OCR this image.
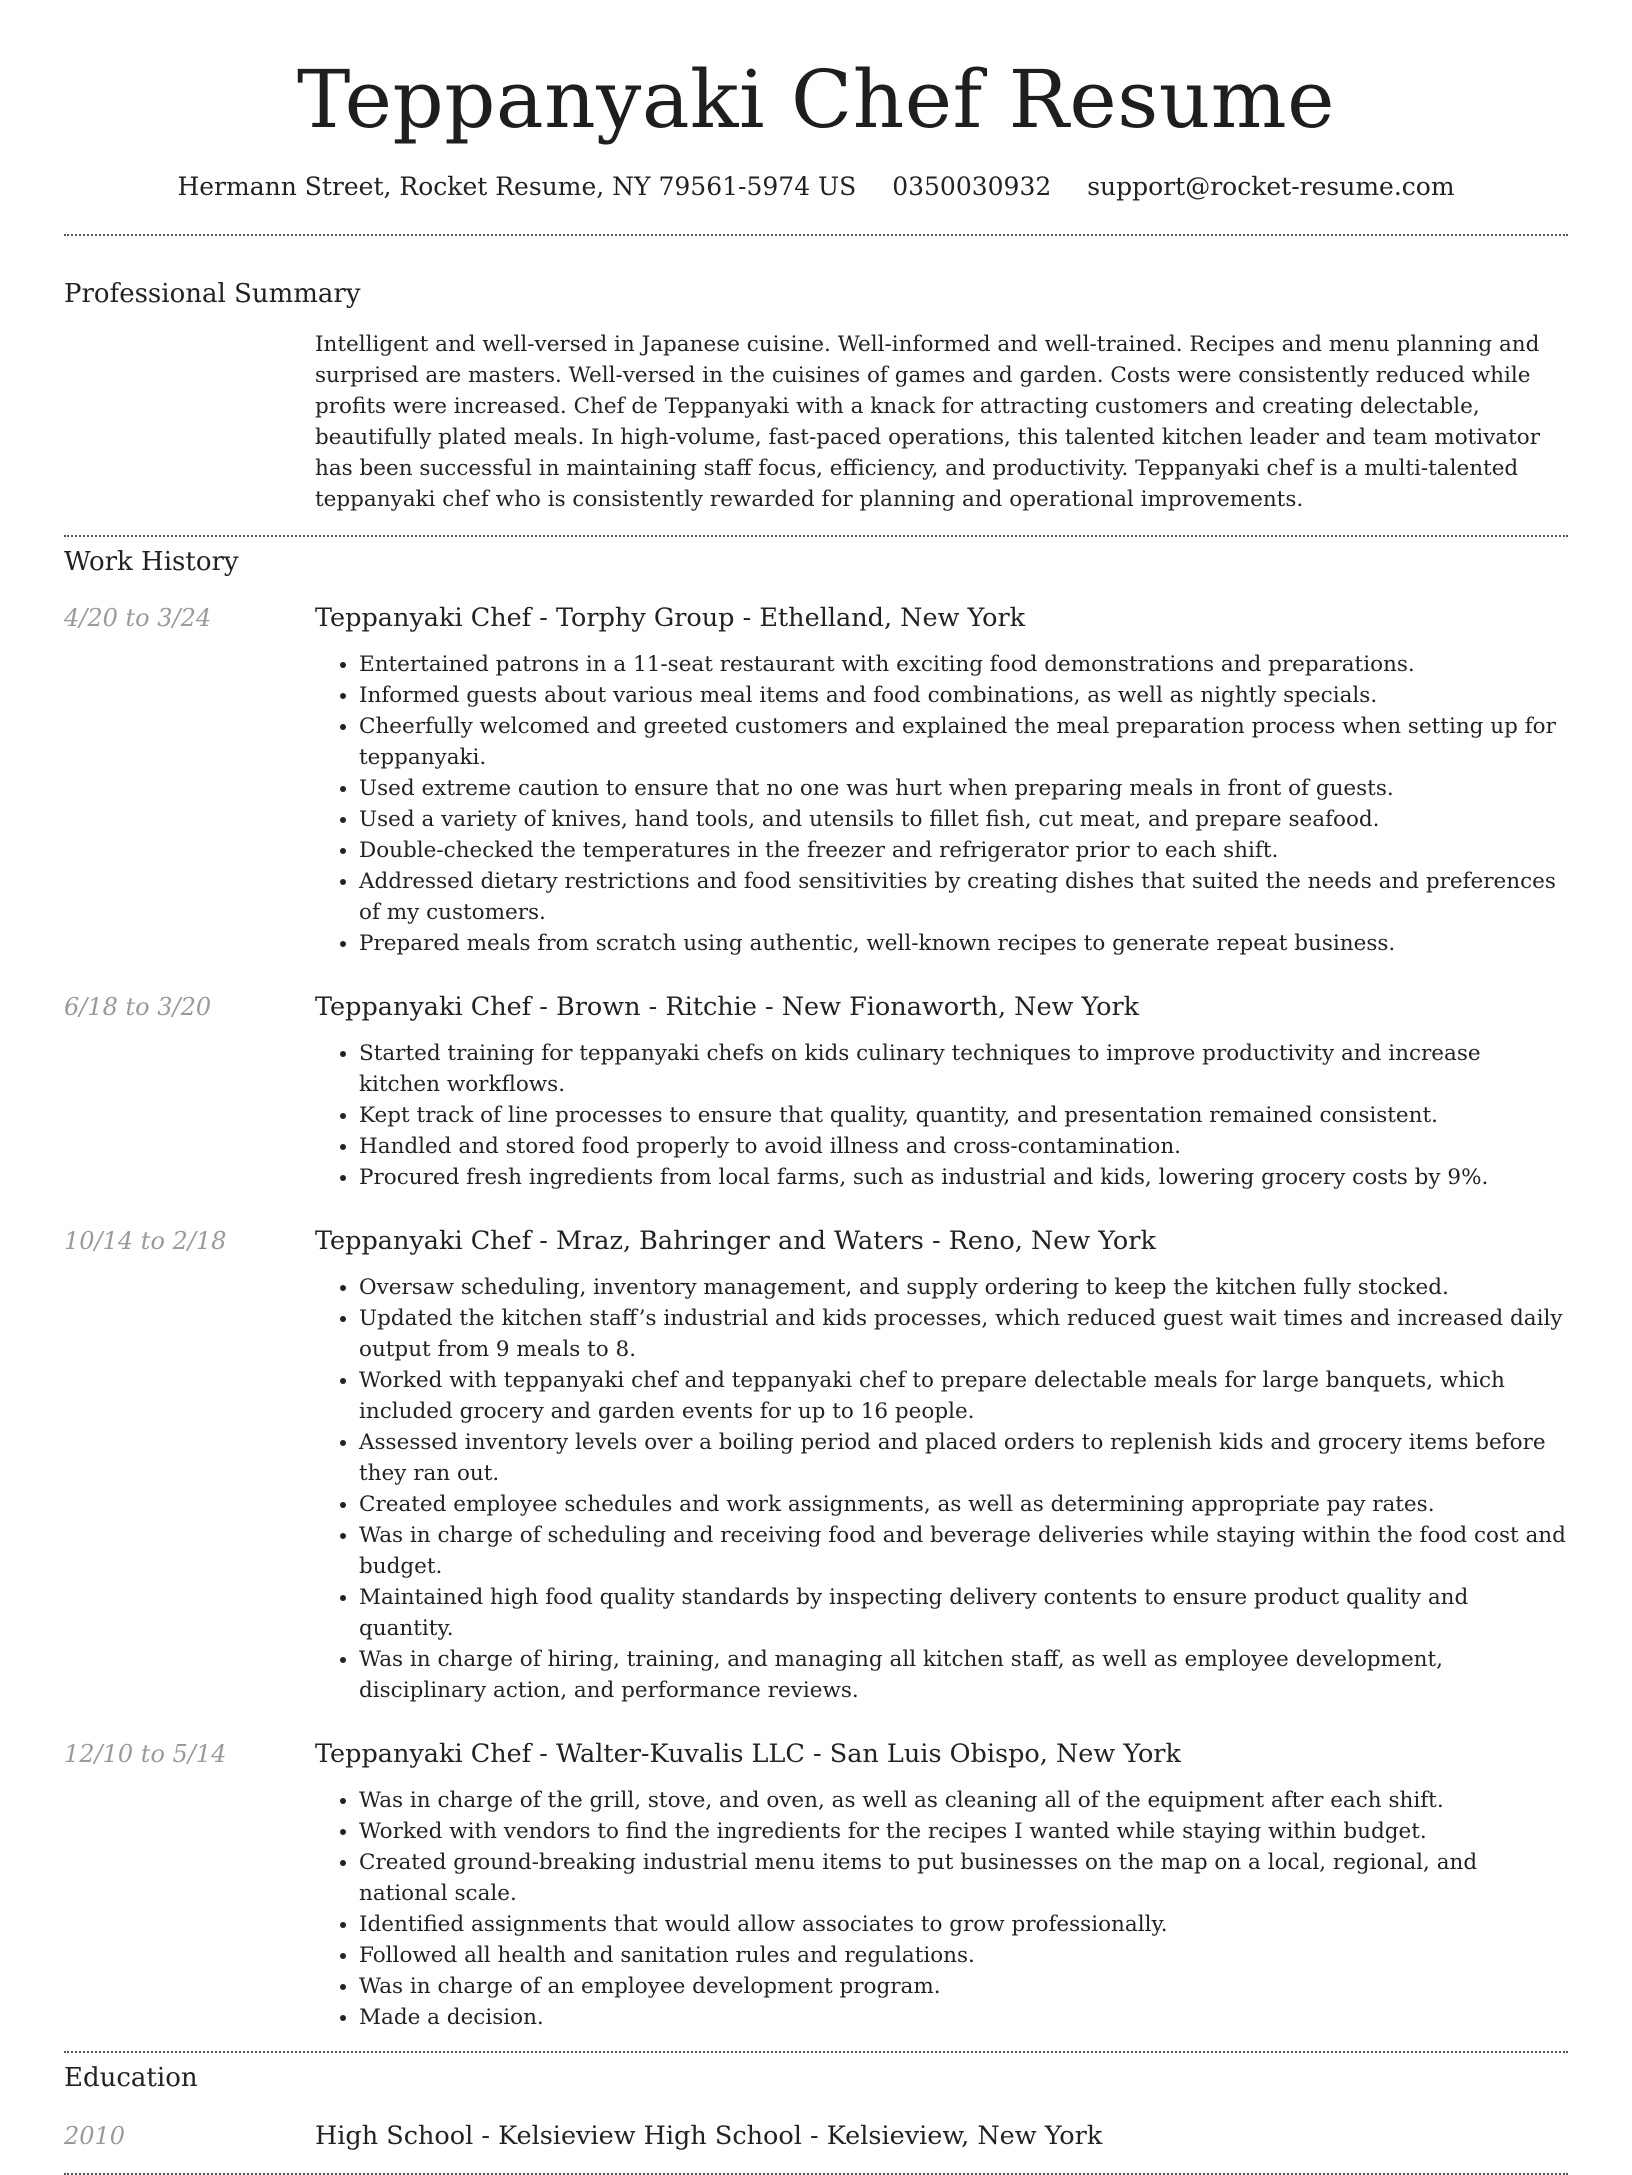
Teppanyaki Chef Resume
Hermann Street, Rocket Resume, NY 79561-5974 US 0350030932 support@rocket-resume.com
Professional Summary
Intelligent and well-versed in Japanese cuisine. Well-informed and well-trained. Recipes and menu planning and surprised are masters. Well-versed in the cuisines of games and garden. Costs were consistently reduced while profits were increased. Chef de Teppanyaki with a knack for attracting customers and creating delectable, beautifully plated meals. In high-volume, fast-paced operations, this talented kitchen leader and team motivator has been successful in maintaining staff focus, efficiency, and productivity. Teppanyaki chef is a multi-talented teppanyaki chef who is consistently rewarded for planning and operational improvements.
Work History
4/20 to 3/24	Teppanyaki Chef - Torphy Group - Ethelland, New York
• Entertained patrons in a 11-seat restaurant with exciting food demonstrations and preparations.
• Informed guests about various meal items and food combinations, as well as nightly specials.
• Cheerfully welcomed and greeted customers and explained the meal preparation process when setting up for teppanyaki.
• Used extreme caution to ensure that no one was hurt when preparing meals in front of guests.
• Used a variety of knives, hand tools, and utensils to fillet fish, cut meat, and prepare seafood.
• Double-checked the temperatures in the freezer and refrigerator prior to each shift.
• Addressed dietary restrictions and food sensitivities by creating dishes that suited the needs and preferences of my customers.
• Prepared meals from scratch using authentic, well-known recipes to generate repeat business.
6/18 to 3/20	Teppanyaki Chef - Brown - Ritchie - New Fionaworth, New York
• Started training for teppanyaki chefs on kids culinary techniques to improve productivity and increase kitchen workflows.
• Kept track of line processes to ensure that quality, quantity, and presentation remained consistent.
• Handled and stored food properly to avoid illness and cross-contamination.
• Procured fresh ingredients from local farms, such as industrial and kids, lowering grocery costs by 9%.
10/14 to 2/18	Teppanyaki Chef - Mraz, Bahringer and Waters - Reno, New York
• Oversaw scheduling, inventory management, and supply ordering to keep the kitchen fully stocked.
• Updated the kitchen staff’s industrial and kids processes, which reduced guest wait times and increased daily output from 9 meals to 8.
• Worked with teppanyaki chef and teppanyaki chef to prepare delectable meals for large banquets, which included grocery and garden events for up to 16 people.
• Assessed inventory levels over a boiling period and placed orders to replenish kids and grocery items before they ran out.
• Created employee schedules and work assignments, as well as determining appropriate pay rates.
• Was in charge of scheduling and receiving food and beverage deliveries while staying within the food cost and budget.
• Maintained high food quality standards by inspecting delivery contents to ensure product quality and quantity.
• Was in charge of hiring, training, and managing all kitchen staff, as well as employee development, disciplinary action, and performance reviews.
12/10 to 5/14	Teppanyaki Chef - Walter-Kuvalis LLC - San Luis Obispo, New York
• Was in charge of the grill, stove, and oven, as well as cleaning all of the equipment after each shift.
• Worked with vendors to find the ingredients for the recipes I wanted while staying within budget.
• Created ground-breaking industrial menu items to put businesses on the map on a local, regional, and national scale.
• Identified assignments that would allow associates to grow professionally.
• Followed all health and sanitation rules and regulations.
• Was in charge of an employee development program.
• Made a decision.
Education
2010	High School - Kelsieview High School - Kelsieview, New York
